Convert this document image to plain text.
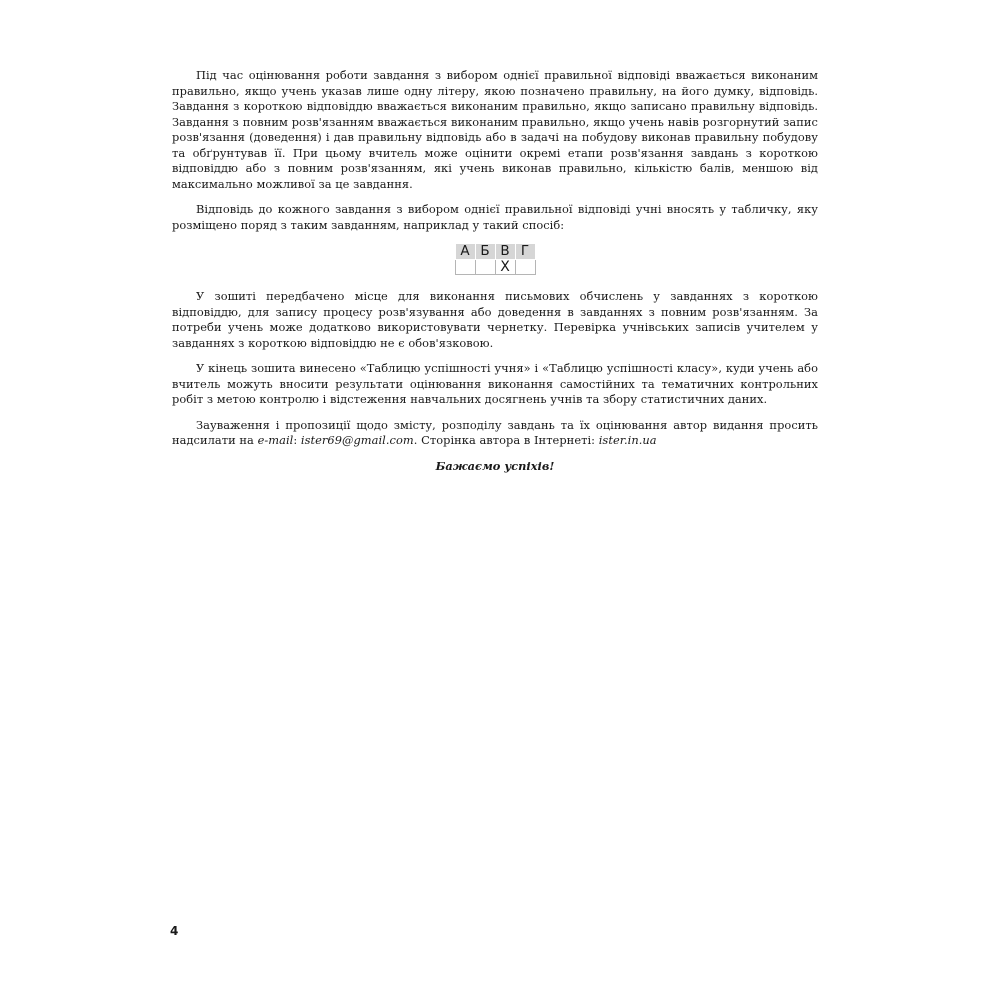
Під час оцінювання роботи завдання з вибором однієї правильної відповіді вважається виконаним правильно, якщо учень указав лише одну літеру, якою позначено правильну, на його думку, відповідь. Завдання з короткою відповіддю вважається виконаним правильно, якщо записано правильну відповідь. Завдання з повним розв'язанням вважається виконаним правильно, якщо учень навів розгорнутий запис розв'язання (доведення) і дав правильну відповідь або в задачі на побудову виконав правильну побудову та обґрунтував її. При цьому вчитель може оцінити окремі етапи розв'язання завдань з короткою відповіддю або з повним розв'язанням, які учень виконав правильно, кількістю балів, меншою від максимально можливої за це завдання.

Відповідь до кожного завдання з вибором однієї правильної відповіді учні вносять у табличку, яку розміщено поряд з таким завданням, наприклад у такий спосіб:

А	Б	В	Г
		X	

У зошиті передбачено місце для виконання письмових обчислень у завданнях з короткою відповіддю, для запису процесу розв'язування або доведення в завданнях з повним розв'язанням. За потреби учень може додатково використовувати чернетку. Перевірка учнівських записів учителем у завданнях з короткою відповіддю не є обов'язковою.

У кінець зошита винесено «Таблицю успішності учня» і «Таблицю успішності класу», куди учень або вчитель можуть вносити результати оцінювання виконання самостійних та тематичних контрольних робіт з метою контролю і відстеження навчальних досягнень учнів та збору статистичних даних.

Зауваження і пропозиції щодо змісту, розподілу завдань та їх оцінювання автор видання просить надсилати на e-mail: ister69@gmail.com. Сторінка автора в Інтернеті: ister.in.ua

Бажаємо успіхів!
4
